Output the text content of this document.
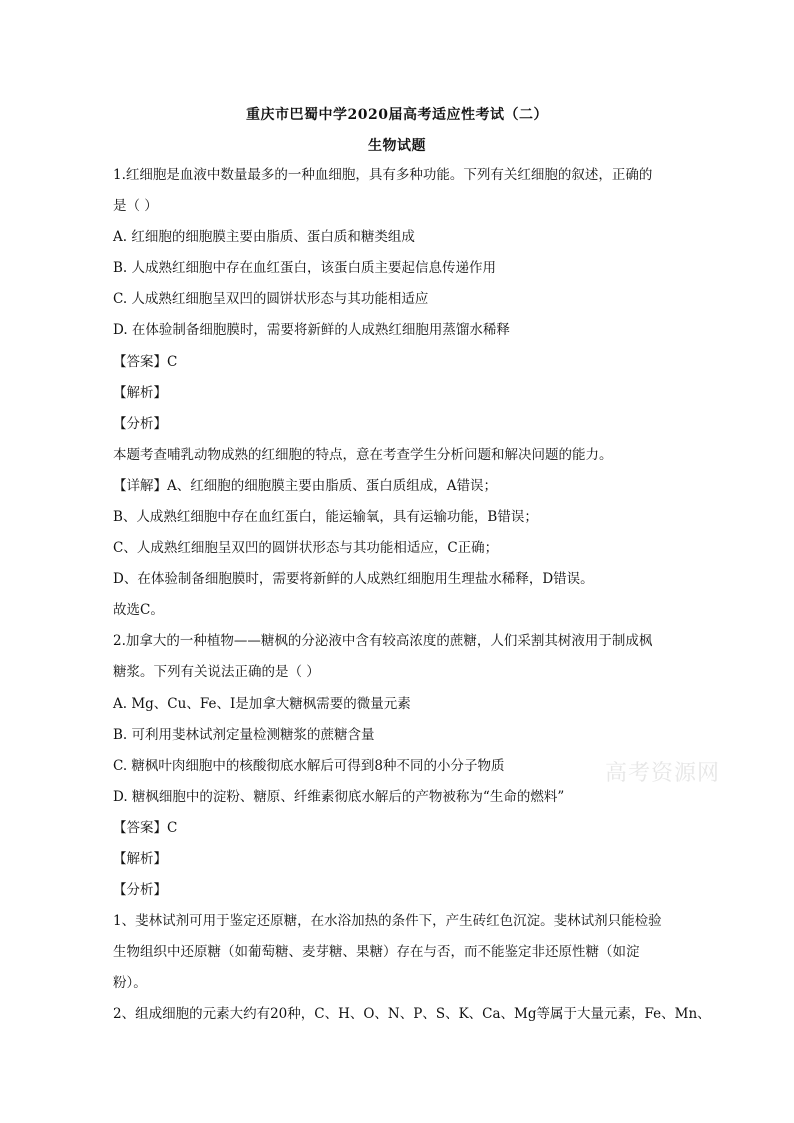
重庆市巴蜀中学2020届高考适应性考试（二）
生物试题
1.红细胞是血液中数量最多的一种血细胞，具有多种功能。下列有关红细胞的叙述，正确的
是（ ）
A. 红细胞的细胞膜主要由脂质、蛋白质和糖类组成
B. 人成熟红细胞中存在血红蛋白，该蛋白质主要起信息传递作用
C. 人成熟红细胞呈双凹的圆饼状形态与其功能相适应
D. 在体验制备细胞膜时，需要将新鲜的人成熟红细胞用蒸馏水稀释
【答案】C
【解析】
【分析】
本题考查哺乳动物成熟的红细胞的特点，意在考查学生分析问题和解决问题的能力。
【详解】A、红细胞的细胞膜主要由脂质、蛋白质组成，A错误；
B、人成熟红细胞中存在血红蛋白，能运输氧，具有运输功能，B错误；
C、人成熟红细胞呈双凹的圆饼状形态与其功能相适应，C正确；
D、在体验制备细胞膜时，需要将新鲜的人成熟红细胞用生理盐水稀释，D错误。
故选C。
2.加拿大的一种植物——糖枫的分泌液中含有较高浓度的蔗糖，人们采割其树液用于制成枫
糖浆。下列有关说法正确的是（ ）
A. Mg、Cu、Fe、I是加拿大糖枫需要的微量元素
B. 可利用斐林试剂定量检测糖浆的蔗糖含量
C. 糖枫叶肉细胞中的核酸彻底水解后可得到8种不同的小分子物质
D. 糖枫细胞中的淀粉、糖原、纤维素彻底水解后的产物被称为“生命的燃料”
【答案】C
【解析】
【分析】
1、斐林试剂可用于鉴定还原糖，在水浴加热的条件下，产生砖红色沉淀。斐林试剂只能检验
生物组织中还原糖（如葡萄糖、麦芽糖、果糖）存在与否，而不能鉴定非还原性糖（如淀
粉）。
2、组成细胞的元素大约有20种，C、H、O、N、P、S、K、Ca、Mg等属于大量元素，Fe、Mn、
高考资源网
